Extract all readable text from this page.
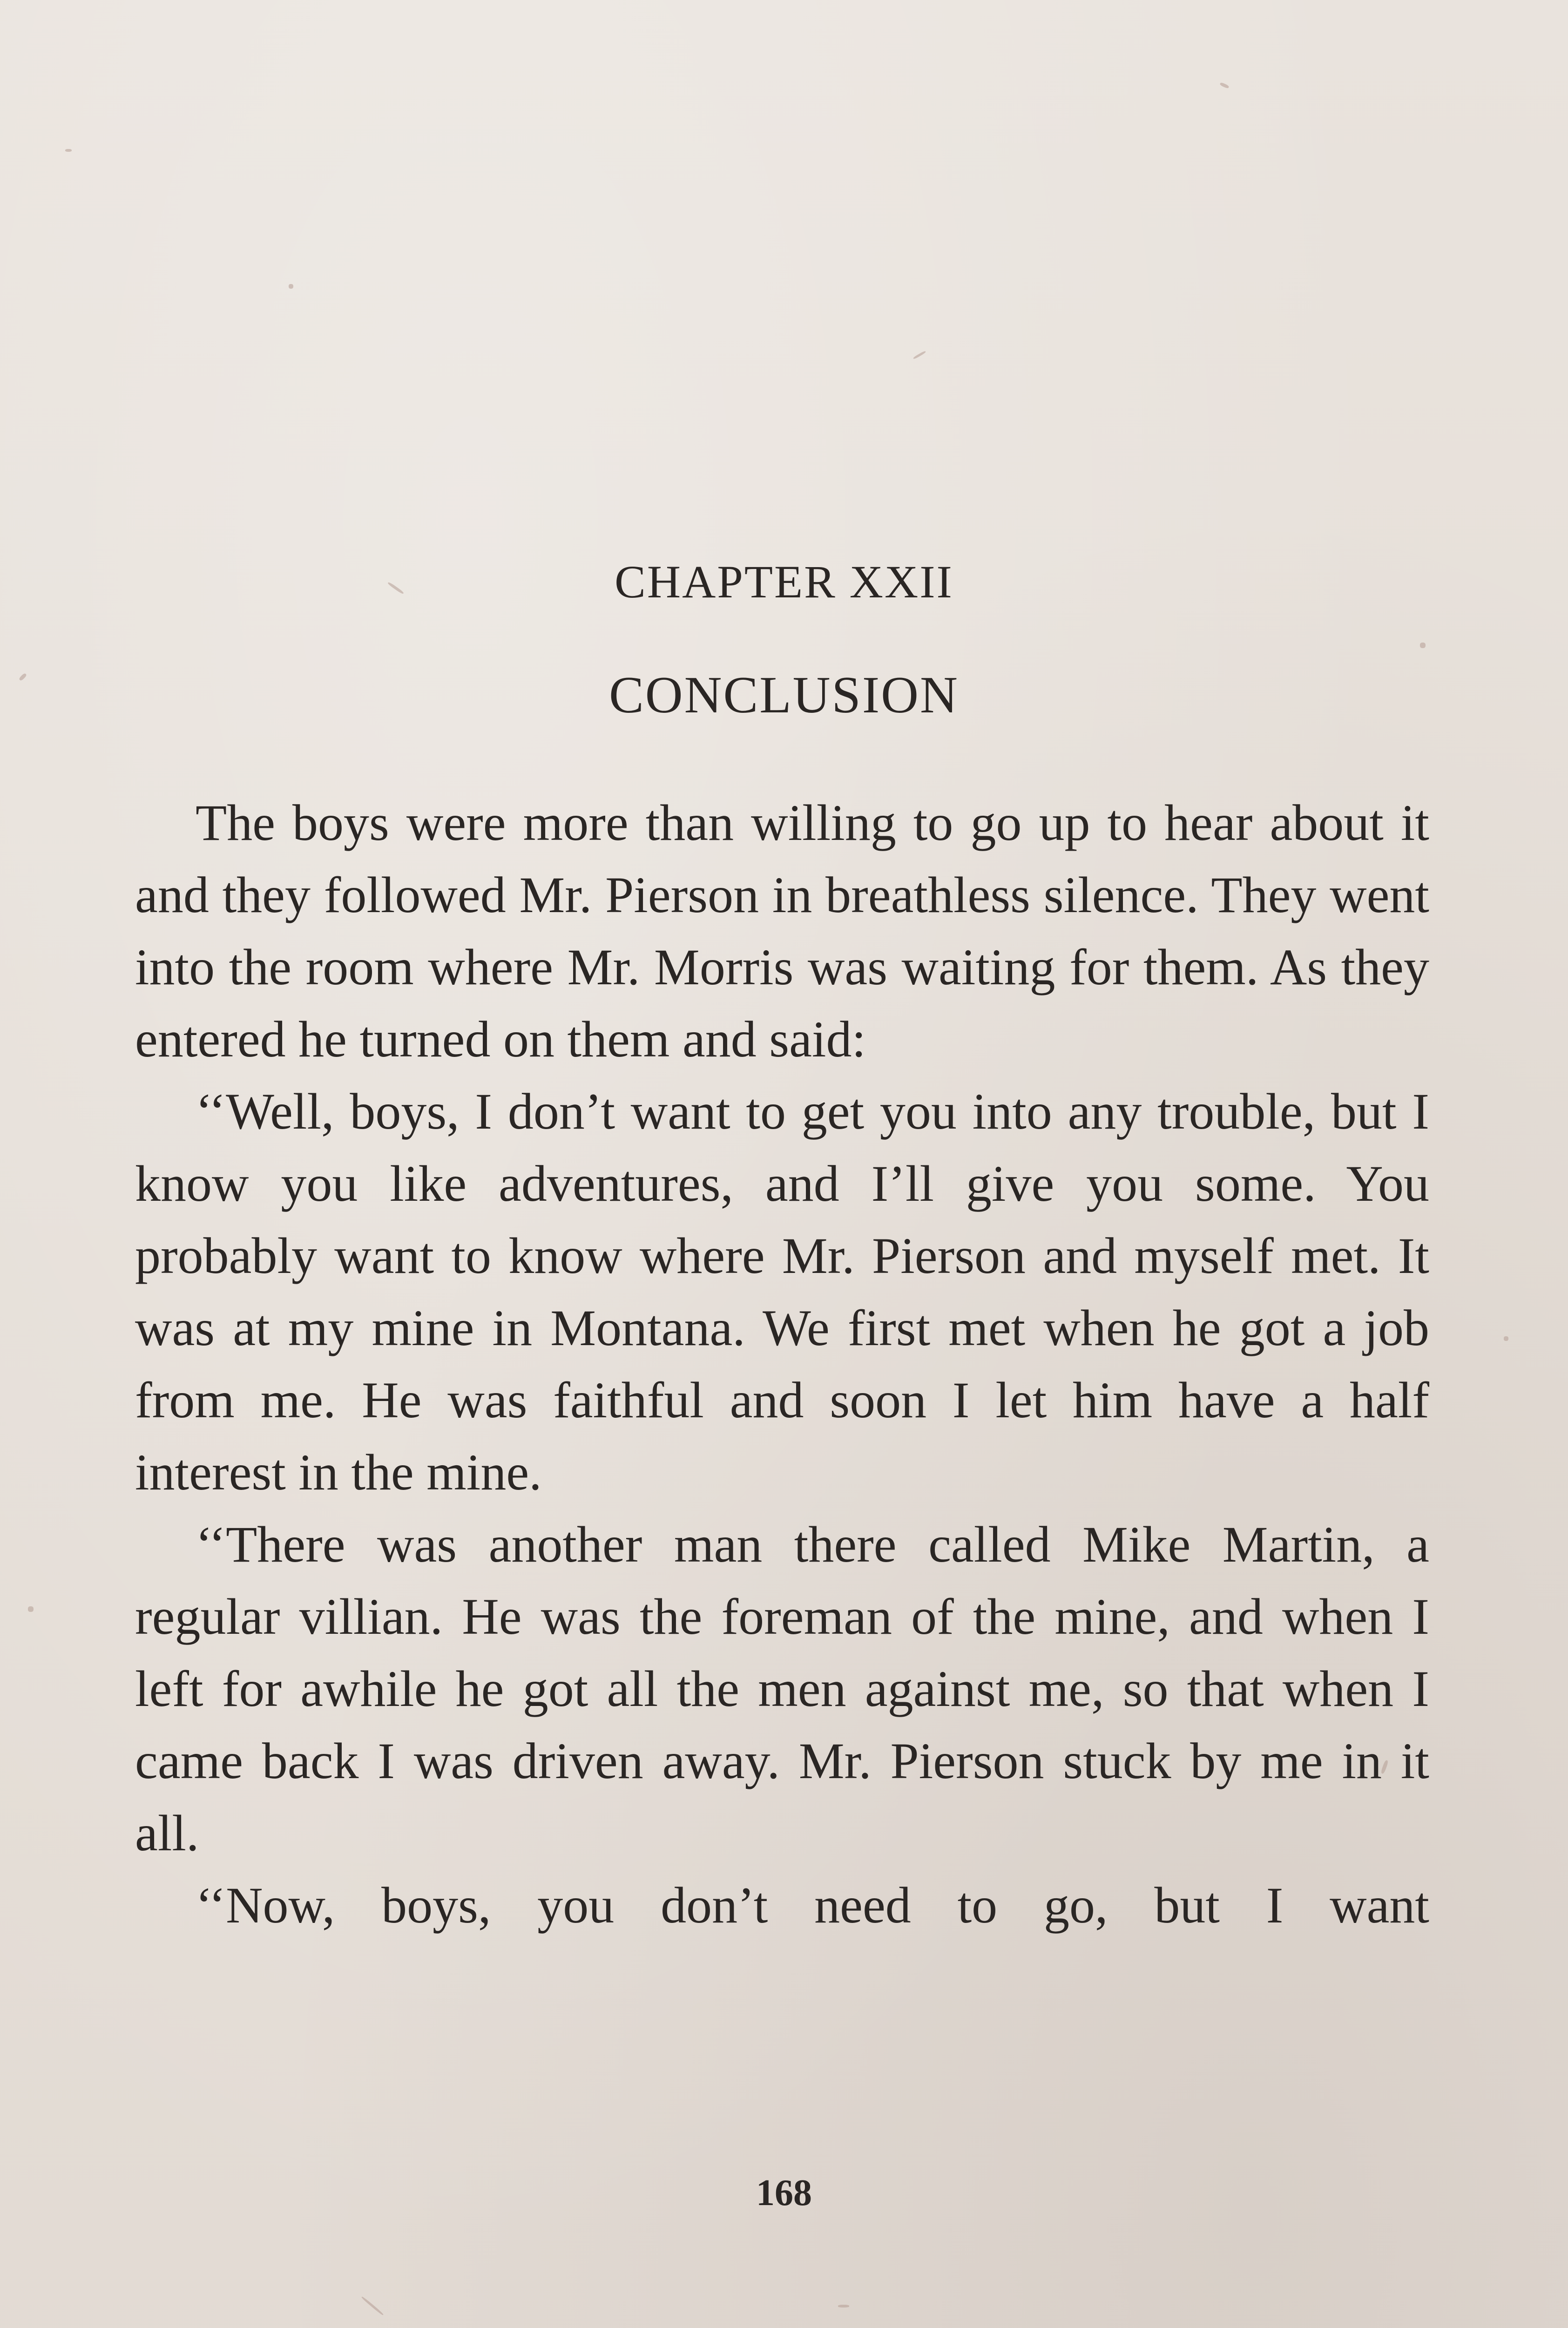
CHAPTER XXII
CONCLUSION

The boys were more than willing to go up to hear about it and they followed Mr. Pierson in breathless silence. They went into the room where Mr. Morris was waiting for them. As they entered he turned on them and said:

‘‘Well, boys, I don’t want to get you into any trouble, but I know you like adventures, and I’ll give you some. You probably want to know where Mr. Pierson and myself met. It was at my mine in Montana. We first met when he got a job from me. He was faithful and soon I let him have a half interest in the mine.

‘‘There was another man there called Mike Martin, a regular villian. He was the foreman of the mine, and when I left for awhile he got all the men against me, so that when I came back I was driven away. Mr. Pierson stuck by me in it all.

‘‘Now, boys, you don’t need to go, but I want

168
